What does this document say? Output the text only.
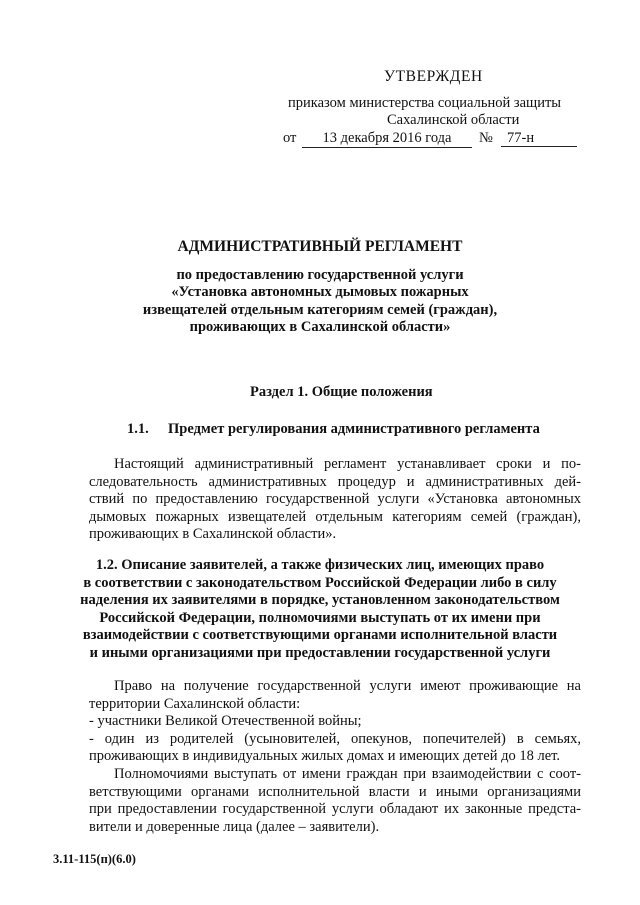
УТВЕРЖДЕН
приказом министерства социальной защиты
Сахалинской области
от	13 декабря 2016 года	№ 77-н
АДМИНИСТРАТИВНЫЙ РЕГЛАМЕНТ
по предоставлению государственной услуги
«Установка автономных дымовых пожарных
извещателей отдельным категориям семей (граждан),
проживающих в Сахалинской области»
Раздел 1. Общие положения
1.1. Предмет регулирования административного регламента
Настоящий административный регламент устанавливает сроки и по-
следовательность административных процедур и административных дей-
ствий по предоставлению государственной услуги «Установка автономных
дымовых пожарных извещателей отдельным категориям семей (граждан),
проживающих в Сахалинской области».
1.2. Описание заявителей, а также физических лиц, имеющих право
в соответствии с законодательством Российской Федерации либо в силу
наделения их заявителями в порядке, установленном законодательством
Российской Федерации, полномочиями выступать от их имени при
взаимодействии с соответствующими органами исполнительной власти
и иными организациями при предоставлении государственной услуги
Право на получение государственной услуги имеют проживающие на
территории Сахалинской области:
- участники Великой Отечественной войны;
- один из родителей (усыновителей, опекунов, попечителей) в семьях,
проживающих в индивидуальных жилых домах и имеющих детей до 18 лет.
Полномочиями выступать от имени граждан при взаимодействии с соот-
ветствующими органами исполнительной власти и иными организациями
при предоставлении государственной услуги обладают их законные предста-
вители и доверенные лица (далее – заявители).
3.11-115(п)(6.0)
